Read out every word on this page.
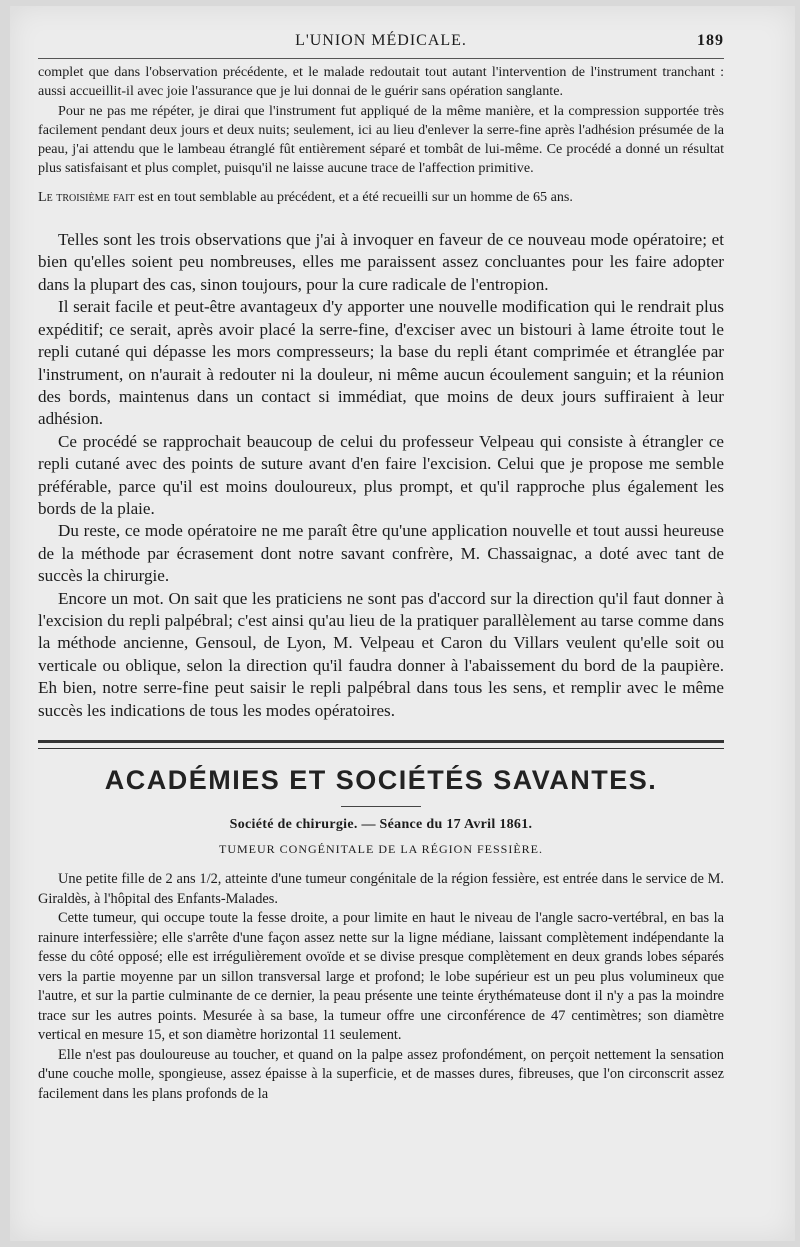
L'UNION MÉDICALE.	189

complet que dans l'observation précédente, et le malade redoutait tout autant l'intervention de l'instrument tranchant : aussi accueillit-il avec joie l'assurance que je lui donnai de le guérir sans opération sanglante.

Pour ne pas me répéter, je dirai que l'instrument fut appliqué de la même manière, et la compression supportée très facilement pendant deux jours et deux nuits; seulement, ici au lieu d'enlever la serre-fine après l'adhésion présumée de la peau, j'ai attendu que le lambeau étranglé fût entièrement séparé et tombât de lui-même. Ce procédé a donné un résultat plus satisfaisant et plus complet, puisqu'il ne laisse aucune trace de l'affection primitive.

Le troisième fait est en tout semblable au précédent, et a été recueilli sur un homme de 65 ans.

Telles sont les trois observations que j'ai à invoquer en faveur de ce nouveau mode opératoire; et bien qu'elles soient peu nombreuses, elles me paraissent assez concluantes pour les faire adopter dans la plupart des cas, sinon toujours, pour la cure radicale de l'entropion.

Il serait facile et peut-être avantageux d'y apporter une nouvelle modification qui le rendrait plus expéditif; ce serait, après avoir placé la serre-fine, d'exciser avec un bistouri à lame étroite tout le repli cutané qui dépasse les mors compresseurs; la base du repli étant comprimée et étranglée par l'instrument, on n'aurait à redouter ni la douleur, ni même aucun écoulement sanguin; et la réunion des bords, maintenus dans un contact si immédiat, que moins de deux jours suffiraient à leur adhésion.

Ce procédé se rapprochait beaucoup de celui du professeur Velpeau qui consiste à étrangler ce repli cutané avec des points de suture avant d'en faire l'excision. Celui que je propose me semble préférable, parce qu'il est moins douloureux, plus prompt, et qu'il rapproche plus également les bords de la plaie.

Du reste, ce mode opératoire ne me paraît être qu'une application nouvelle et tout aussi heureuse de la méthode par écrasement dont notre savant confrère, M. Chassaignac, a doté avec tant de succès la chirurgie.

Encore un mot. On sait que les praticiens ne sont pas d'accord sur la direction qu'il faut donner à l'excision du repli palpébral; c'est ainsi qu'au lieu de la pratiquer parallèlement au tarse comme dans la méthode ancienne, Gensoul, de Lyon, M. Velpeau et Caron du Villars veulent qu'elle soit ou verticale ou oblique, selon la direction qu'il faudra donner à l'abaissement du bord de la paupière. Eh bien, notre serre-fine peut saisir le repli palpébral dans tous les sens, et remplir avec le même succès les indications de tous les modes opératoires.

ACADÉMIES ET SOCIÉTÉS SAVANTES.
Société de chirurgie. — Séance du 17 Avril 1861.
TUMEUR CONGÉNITALE DE LA RÉGION FESSIÈRE.

Une petite fille de 2 ans 1/2, atteinte d'une tumeur congénitale de la région fessière, est entrée dans le service de M. Giraldès, à l'hôpital des Enfants-Malades.

Cette tumeur, qui occupe toute la fesse droite, a pour limite en haut le niveau de l'angle sacro-vertébral, en bas la rainure interfessière; elle s'arrête d'une façon assez nette sur la ligne médiane, laissant complètement indépendante la fesse du côté opposé; elle est irrégulièrement ovoïde et se divise presque complètement en deux grands lobes séparés vers la partie moyenne par un sillon transversal large et profond; le lobe supérieur est un peu plus volumineux que l'autre, et sur la partie culminante de ce dernier, la peau présente une teinte érythémateuse dont il n'y a pas la moindre trace sur les autres points. Mesurée à sa base, la tumeur offre une circonférence de 47 centimètres; son diamètre vertical en mesure 15, et son diamètre horizontal 11 seulement.

Elle n'est pas douloureuse au toucher, et quand on la palpe assez profondément, on perçoit nettement la sensation d'une couche molle, spongieuse, assez épaisse à la superficie, et de masses dures, fibreuses, que l'on circonscrit assez facilement dans les plans profonds de la
